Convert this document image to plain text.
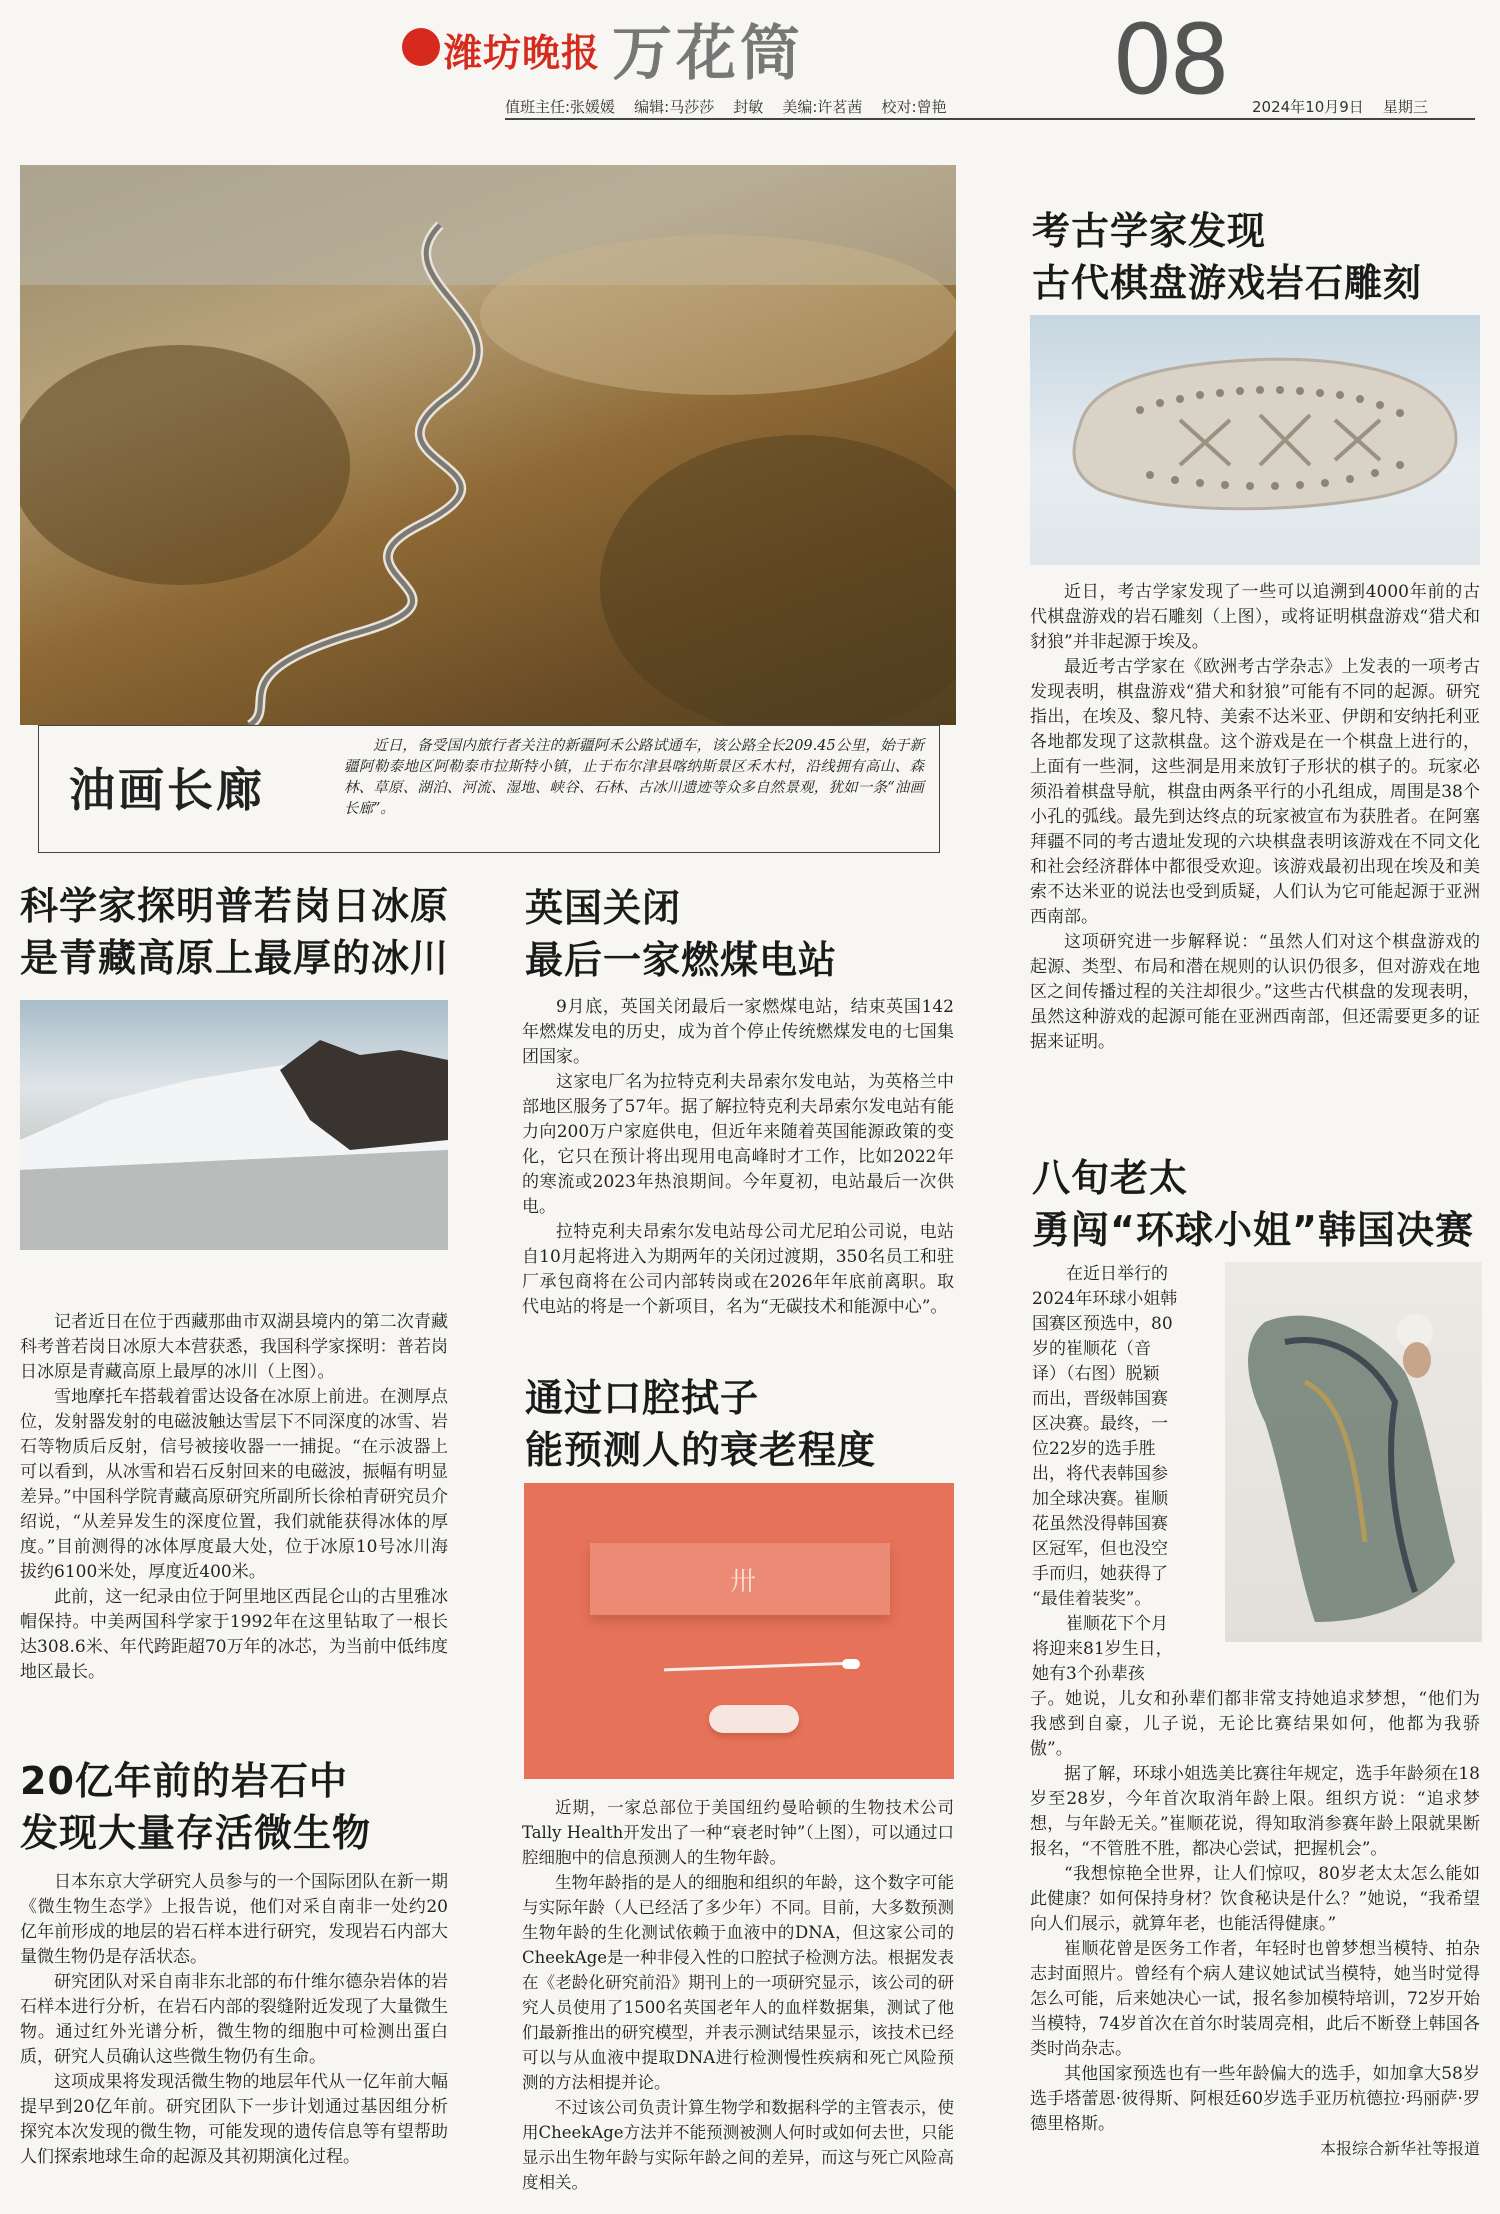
潍坊晚报 万花筒	08
值班主任:张媛媛 编辑:马莎莎 封敏 美编:许茗茜 校对:曾艳	2024年10月9日 星期三
油画长廊
近日，备受国内旅行者关注的新疆阿禾公路试通车，该公路全长209.45公里，始于新疆阿勒泰地区阿勒泰市拉斯特小镇，止于布尔津县喀纳斯景区禾木村，沿线拥有高山、森林、草原、湖泊、河流、湿地、峡谷、石林、古冰川遗迹等众多自然景观，犹如一条“油画长廊”。
科学家探明普若岗日冰原
是青藏高原上最厚的冰川

记者近日在位于西藏那曲市双湖县境内的第二次青藏科考普若岗日冰原大本营获悉，我国科学家探明：普若岗日冰原是青藏高原上最厚的冰川（上图）。

雪地摩托车搭载着雷达设备在冰原上前进。在测厚点位，发射器发射的电磁波触达雪层下不同深度的冰雪、岩石等物质后反射，信号被接收器一一捕捉。“在示波器上可以看到，从冰雪和岩石反射回来的电磁波，振幅有明显差异。”中国科学院青藏高原研究所副所长徐柏青研究员介绍说，“从差异发生的深度位置，我们就能获得冰体的厚度。”目前测得的冰体厚度最大处，位于冰原10号冰川海拔约6100米处，厚度近400米。

此前，这一纪录由位于阿里地区西昆仑山的古里雅冰帽保持。中美两国科学家于1992年在这里钻取了一根长达308.6米、年代跨距超70万年的冰芯，为当前中低纬度地区最长。

20亿年前的岩石中
发现大量存活微生物

日本东京大学研究人员参与的一个国际团队在新一期《微生物生态学》上报告说，他们对采自南非一处约20亿年前形成的地层的岩石样本进行研究，发现岩石内部大量微生物仍是存活状态。

研究团队对采自南非东北部的布什维尔德杂岩体的岩石样本进行分析，在岩石内部的裂缝附近发现了大量微生物。通过红外光谱分析，微生物的细胞中可检测出蛋白质，研究人员确认这些微生物仍有生命。

这项成果将发现活微生物的地层年代从一亿年前大幅提早到20亿年前。研究团队下一步计划通过基因组分析探究本次发现的微生物，可能发现的遗传信息等有望帮助人们探索地球生命的起源及其初期演化过程。

英国关闭
最后一家燃煤电站

9月底，英国关闭最后一家燃煤电站，结束英国142年燃煤发电的历史，成为首个停止传统燃煤发电的七国集团国家。

这家电厂名为拉特克利夫昂索尔发电站，为英格兰中部地区服务了57年。据了解拉特克利夫昂索尔发电站有能力向200万户家庭供电，但近年来随着英国能源政策的变化，它只在预计将出现用电高峰时才工作，比如2022年的寒流或2023年热浪期间。今年夏初，电站最后一次供电。

拉特克利夫昂索尔发电站母公司尤尼珀公司说，电站自10月起将进入为期两年的关闭过渡期，350名员工和驻厂承包商将在公司内部转岗或在2026年年底前离职。取代电站的将是一个新项目，名为“无碳技术和能源中心”。

通过口腔拭子
能预测人的衰老程度
卅

近期，一家总部位于美国纽约曼哈顿的生物技术公司Tally Health开发出了一种“衰老时钟”（上图），可以通过口腔细胞中的信息预测人的生物年龄。

生物年龄指的是人的细胞和组织的年龄，这个数字可能与实际年龄（人已经活了多少年）不同。目前，大多数预测生物年龄的生化测试依赖于血液中的DNA，但这家公司的CheekAge是一种非侵入性的口腔拭子检测方法。根据发表在《老龄化研究前沿》期刊上的一项研究显示，该公司的研究人员使用了1500名英国老年人的血样数据集，测试了他们最新推出的研究模型，并表示测试结果显示，该技术已经可以与从血液中提取DNA进行检测慢性疾病和死亡风险预测的方法相提并论。

不过该公司负责计算生物学和数据科学的主管表示，使用CheekAge方法并不能预测被测人何时或如何去世，只能显示出生物年龄与实际年龄之间的差异，而这与死亡风险高度相关。

考古学家发现
古代棋盘游戏岩石雕刻

近日，考古学家发现了一些可以追溯到4000年前的古代棋盘游戏的岩石雕刻（上图），或将证明棋盘游戏“猎犬和豺狼”并非起源于埃及。

最近考古学家在《欧洲考古学杂志》上发表的一项考古发现表明，棋盘游戏“猎犬和豺狼”可能有不同的起源。研究指出，在埃及、黎凡特、美索不达米亚、伊朗和安纳托利亚各地都发现了这款棋盘。这个游戏是在一个棋盘上进行的，上面有一些洞，这些洞是用来放钉子形状的棋子的。玩家必须沿着棋盘导航，棋盘由两条平行的小孔组成，周围是38个小孔的弧线。最先到达终点的玩家被宣布为获胜者。在阿塞拜疆不同的考古遗址发现的六块棋盘表明该游戏在不同文化和社会经济群体中都很受欢迎。该游戏最初出现在埃及和美索不达米亚的说法也受到质疑，人们认为它可能起源于亚洲西南部。

这项研究进一步解释说：“虽然人们对这个棋盘游戏的起源、类型、布局和潜在规则的认识仍很多，但对游戏在地区之间传播过程的关注却很少。”这些古代棋盘的发现表明，虽然这种游戏的起源可能在亚洲西南部，但还需要更多的证据来证明。

八旬老太
勇闯“环球小姐”韩国决赛
在近日举行的
2024年环球小姐韩
国赛区预选中，80
岁的崔顺花（音
译）（右图）脱颖
而出，晋级韩国赛
区决赛。最终，一
位22岁的选手胜
出，将代表韩国参
加全球决赛。崔顺
花虽然没得韩国赛
区冠军，但也没空
手而归，她获得了
“最佳着装奖”。
崔顺花下个月
将迎来81岁生日，
她有3个孙辈孩

子。她说，儿女和孙辈们都非常支持她追求梦想，“他们为我感到自豪，儿子说，无论比赛结果如何，他都为我骄傲”。

据了解，环球小姐选美比赛往年规定，选手年龄须在18岁至28岁，今年首次取消年龄上限。组织方说：“追求梦想，与年龄无关。”崔顺花说，得知取消参赛年龄上限就果断报名，“不管胜不胜，都决心尝试，把握机会”。

“我想惊艳全世界，让人们惊叹，80岁老太太怎么能如此健康？如何保持身材？饮食秘诀是什么？”她说，“我希望向人们展示，就算年老，也能活得健康。”

崔顺花曾是医务工作者，年轻时也曾梦想当模特、拍杂志封面照片。曾经有个病人建议她试试当模特，她当时觉得怎么可能，后来她决心一试，报名参加模特培训，72岁开始当模特，74岁首次在首尔时装周亮相，此后不断登上韩国各类时尚杂志。

其他国家预选也有一些年龄偏大的选手，如加拿大58岁选手塔蕾恩·彼得斯、阿根廷60岁选手亚历杭德拉·玛丽萨·罗德里格斯。

本报综合新华社等报道
